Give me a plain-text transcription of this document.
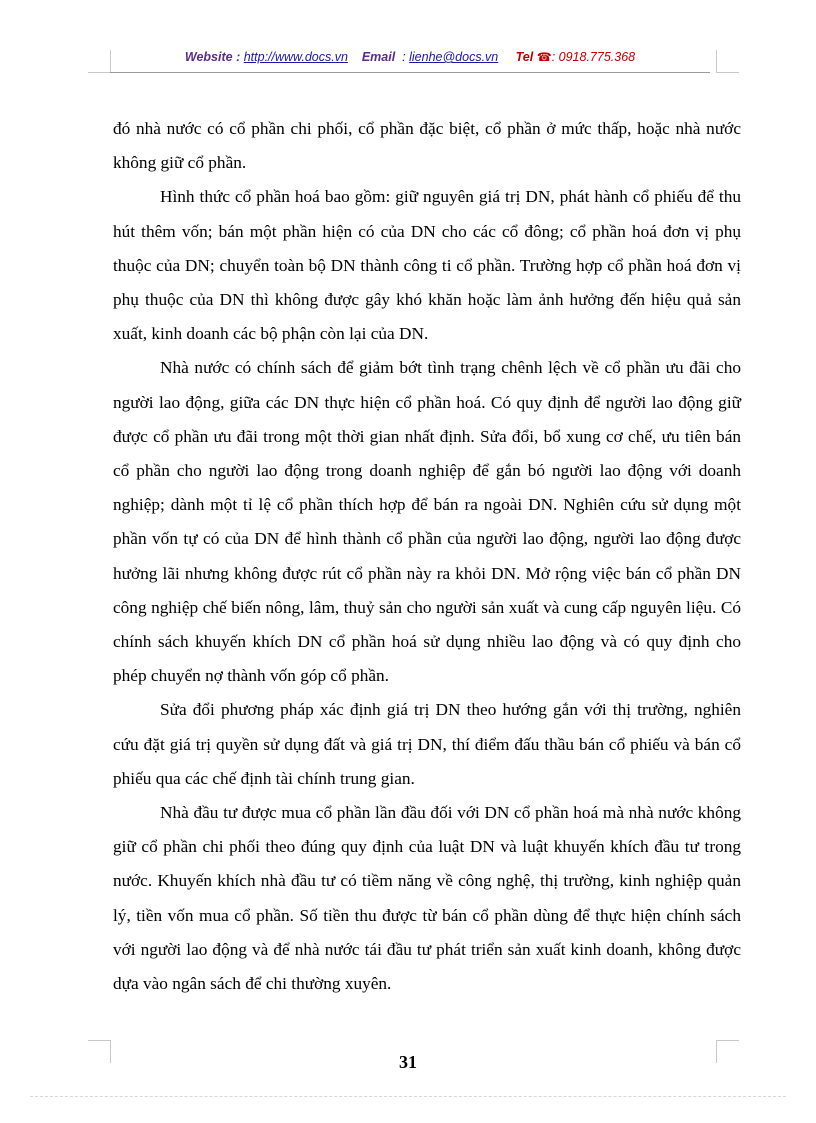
Website : http://www.docs.vn Email : lienhe@docs.vn Tel ☎: 0918.775.368

đó nhà nước có cổ phần chi phối, cổ phần đặc biệt, cổ phần ở mức thấp, hoặc nhà nước không giữ cổ phần.

Hình thức cổ phần hoá bao gồm: giữ nguyên giá trị DN, phát hành cổ phiếu để thu hút thêm vốn; bán một phần hiện có của DN cho các cổ đông; cổ phần hoá đơn vị phụ thuộc của DN; chuyển toàn bộ DN thành công ti cổ phần. Trường hợp cổ phần hoá đơn vị phụ thuộc của DN thì không được gây khó khăn hoặc làm ảnh hưởng đến hiệu quả sản xuất, kinh doanh các bộ phận còn lại của DN.

Nhà nước có chính sách để giảm bớt tình trạng chênh lệch về cổ phần ưu đãi cho người lao động, giữa các DN thực hiện cổ phần hoá. Có quy định để người lao động giữ được cổ phần ưu đãi trong một thời gian nhất định. Sửa đổi, bổ xung cơ chế, ưu tiên bán cổ phần cho người lao động trong doanh nghiệp để gắn bó người lao động với doanh nghiệp; dành một tỉ lệ cổ phần thích hợp để bán ra ngoài DN. Nghiên cứu sử dụng một phần vốn tự có của DN để hình thành cổ phần của người lao động, người lao động được hưởng lãi nhưng không được rút cổ phần này ra khỏi DN. Mở rộng việc bán cổ phần DN công nghiệp chế biến nông, lâm, thuỷ sản cho người sản xuất và cung cấp nguyên liệu. Có chính sách khuyến khích DN cổ phần hoá sử dụng nhiều lao động và có quy định cho phép chuyển nợ thành vốn góp cổ phần.

Sửa đổi phương pháp xác định giá trị DN theo hướng gắn với thị trường, nghiên cứu đặt giá trị quyền sử dụng đất và giá trị DN, thí điểm đấu thầu bán cổ phiếu và bán cổ phiếu qua các chế định tài chính trung gian.

Nhà đầu tư được mua cổ phần lần đầu đối với DN cổ phần hoá mà nhà nước không giữ cổ phần chi phối theo đúng quy định của luật DN và luật khuyến khích đầu tư trong nước. Khuyến khích nhà đầu tư có tiềm năng về công nghệ, thị trường, kinh nghiệp quản lý, tiền vốn mua cổ phần. Số tiền thu được từ bán cổ phần dùng để thực hiện chính sách với người lao động và để nhà nước tái đầu tư phát triển sản xuất kinh doanh, không được dựa vào ngân sách để chi thường xuyên.

31
